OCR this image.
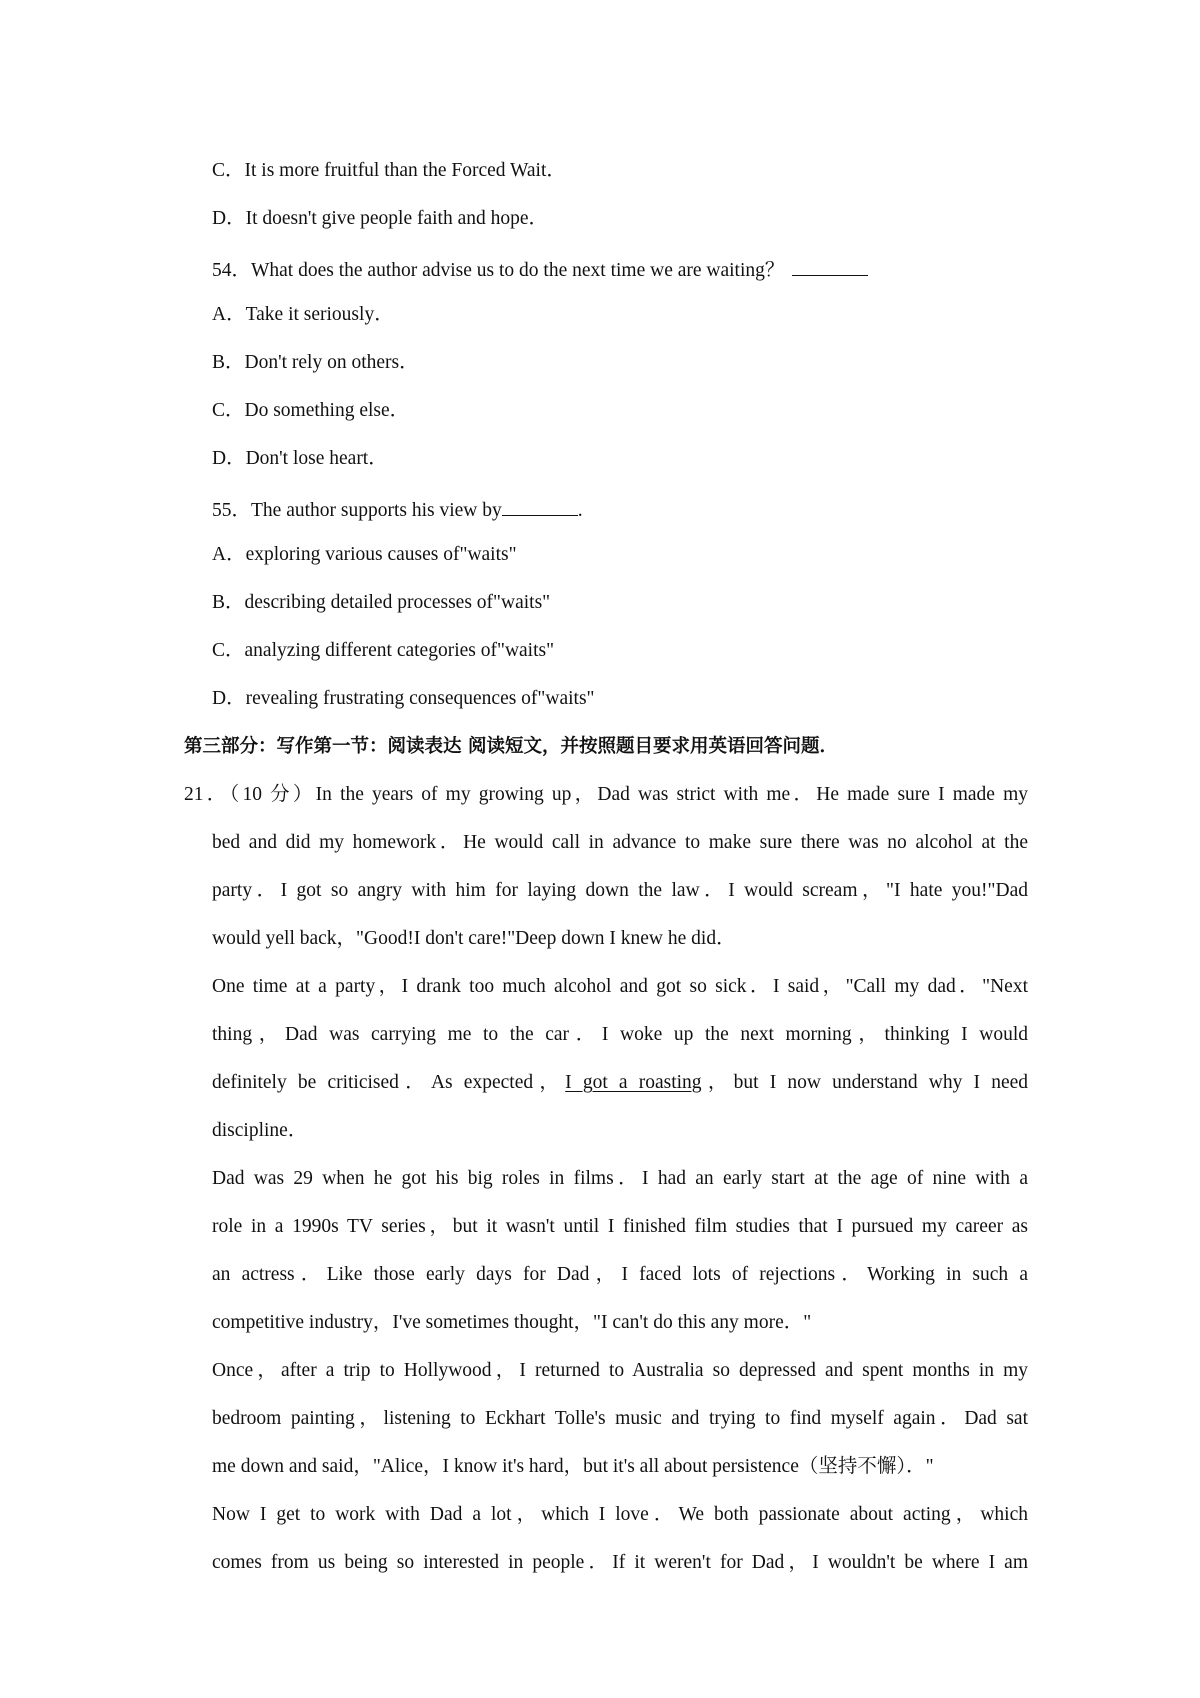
C．It is more fruitful than the Forced Wait．
D．It doesn't give people faith and hope．
54．What does the author advise us to do the next time we are waiting？
A．Take it seriously．
B．Don't rely on others．
C．Do something else．
D．Don't lose heart．
55．The author supports his view by	.
A．exploring various causes of"waits"
B．describing detailed processes of"waits"
C．analyzing different categories of"waits"
D．revealing frustrating consequences of"waits"
第三部分：写作第一节：阅读表达 阅读短文，并按照题目要求用英语回答问题．
21．（10 分）In the years of my growing up，Dad was strict with me．He made sure I made my
bed and did my homework．He would call in advance to make sure there was no alcohol at the
party．I got so angry with him for laying down the law．I would scream，"I hate you!"Dad
would yell back，"Good!I don't care!"Deep down I knew he did．
One time at a party，I drank too much alcohol and got so sick．I said，"Call my dad．"Next
thing，Dad was carrying me to the car．I woke up the next morning，thinking I would
definitely be criticised．As expected，I got a roasting，but I now understand why I need
discipline．
Dad was 29 when he got his big roles in films．I had an early start at the age of nine with a
role in a 1990s TV series，but it wasn't until I finished film studies that I pursued my career as
an actress．Like those early days for Dad，I faced lots of rejections．Working in such a
competitive industry，I've sometimes thought，"I can't do this any more．"
Once，after a trip to Hollywood，I returned to Australia so depressed and spent months in my
bedroom painting，listening to Eckhart Tolle's music and trying to find myself again．Dad sat
me down and said，"Alice，I know it's hard，but it's all about persistence（坚持不懈）．"
Now I get to work with Dad a lot，which I love．We both passionate about acting，which
comes from us being so interested in people．If it weren't for Dad，I wouldn't be where I am
